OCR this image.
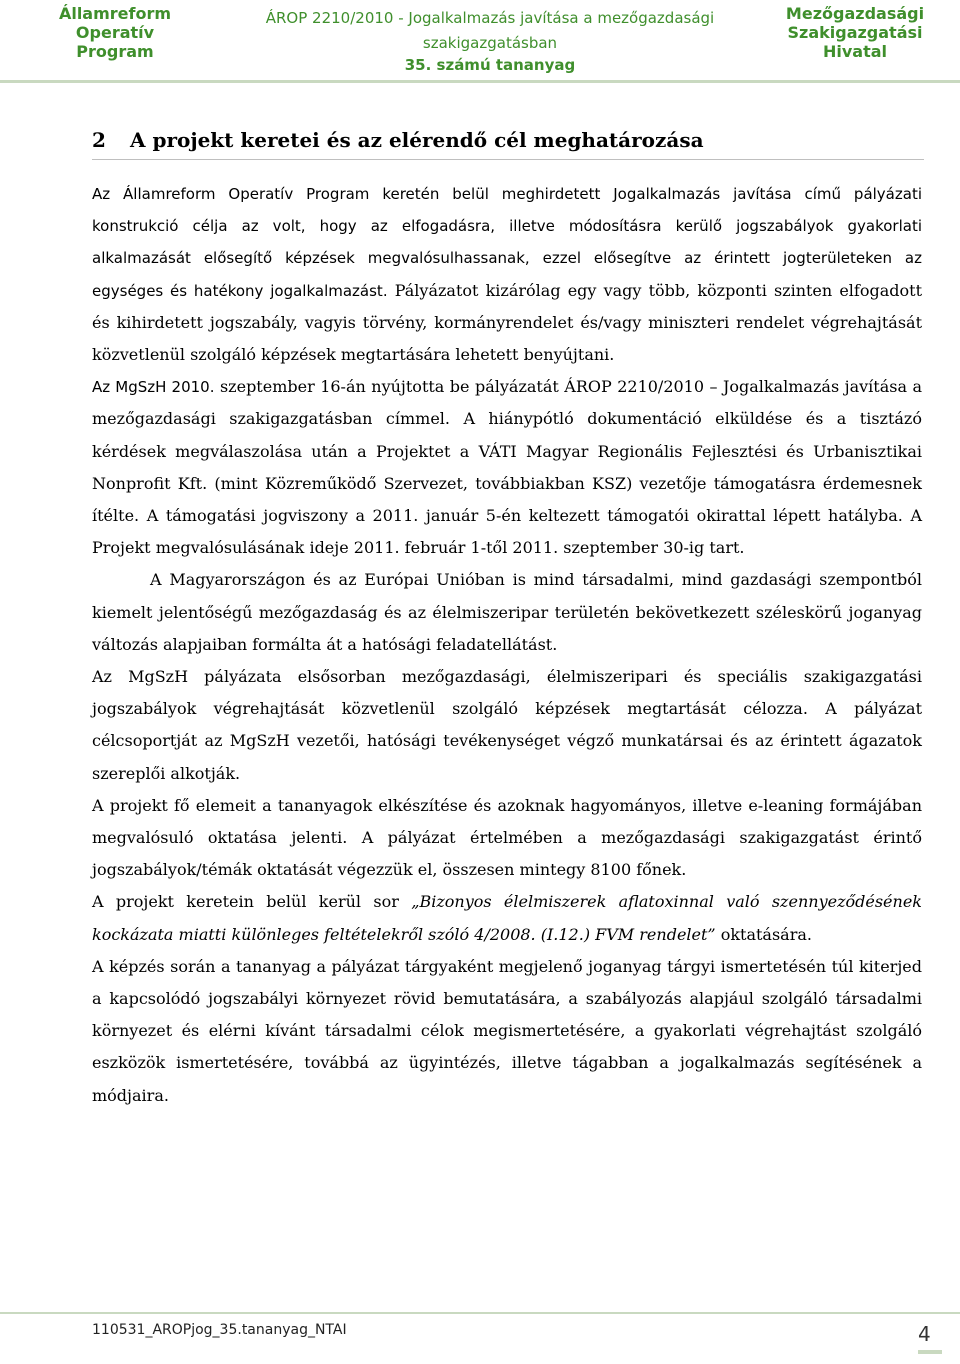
Államreform
Operatív
Program
ÁROP 2210/2010 - Jogalkalmazás javítása a mezőgazdasági
szakigazgatásban
35. számú tananyag
Mezőgazdasági
Szakigazgatási
Hivatal
2 A projekt keretei és az elérendő cél meghatározása

Az Államreform Operatív Program keretén belül meghirdetett Jogalkalmazás javítása című pályázati konstrukció célja az volt, hogy az elfogadásra, illetve módosításra kerülő jogszabályok gyakorlati alkalmazását elősegítő képzések megvalósulhassanak, ezzel elősegítve az érintett jogterületeken az egységes és hatékony jogalkalmazást. Pályázatot kizárólag egy vagy több, központi szinten elfogadott és kihirdetett jogszabály, vagyis törvény, kormányrendelet és/vagy miniszteri rendelet végrehajtását közvetlenül szolgáló képzések megtartására lehetett benyújtani.

Az MgSzH 2010. szeptember 16-án nyújtotta be pályázatát ÁROP 2210/2010 – Jogalkalmazás javítása a mezőgazdasági szakigazgatásban címmel. A hiánypótló dokumentáció elküldése és a tisztázó kérdések megválaszolása után a Projektet a VÁTI Magyar Regionális Fejlesztési és Urbanisztikai Nonprofit Kft. (mint Közreműködő Szervezet, továbbiakban KSZ) vezetője támogatásra érdemesnek ítélte. A támogatási jogviszony a 2011. január 5-én keltezett támogatói okirattal lépett hatályba. A Projekt megvalósulásának ideje 2011. február 1-től 2011. szeptember 30-ig tart.

A Magyarországon és az Európai Unióban is mind társadalmi, mind gazdasági szempontból kiemelt jelentőségű mezőgazdaság és az élelmiszeripar területén bekövetkezett széleskörű joganyag változás alapjaiban formálta át a hatósági feladatellátást.

Az MgSzH pályázata elsősorban mezőgazdasági, élelmiszeripari és speciális szakigazgatási jogszabályok végrehajtását közvetlenül szolgáló képzések megtartását célozza. A pályázat célcsoportját az MgSzH vezetői, hatósági tevékenységet végző munkatársai és az érintett ágazatok szereplői alkotják.

A projekt fő elemeit a tananyagok elkészítése és azoknak hagyományos, illetve e-leaning formájában megvalósuló oktatása jelenti. A pályázat értelmében a mezőgazdasági szakigazgatást érintő jogszabályok/témák oktatását végezzük el, összesen mintegy 8100 főnek.

A projekt keretein belül kerül sor „Bizonyos élelmiszerek aflatoxinnal való szennyeződésének kockázata miatti különleges feltételekről szóló 4/2008. (I.12.) FVM rendelet” oktatására.

A képzés során a tananyag a pályázat tárgyaként megjelenő joganyag tárgyi ismertetésén túl kiterjed a kapcsolódó jogszabályi környezet rövid bemutatására, a szabályozás alapjául szolgáló társadalmi környezet és elérni kívánt társadalmi célok megismertetésére, a gyakorlati végrehajtást szolgáló eszközök ismertetésére, továbbá az ügyintézés, illetve tágabban a jogalkalmazás segítésének a módjaira.

110531_AROPjog_35.tananyag_NTAI	4
